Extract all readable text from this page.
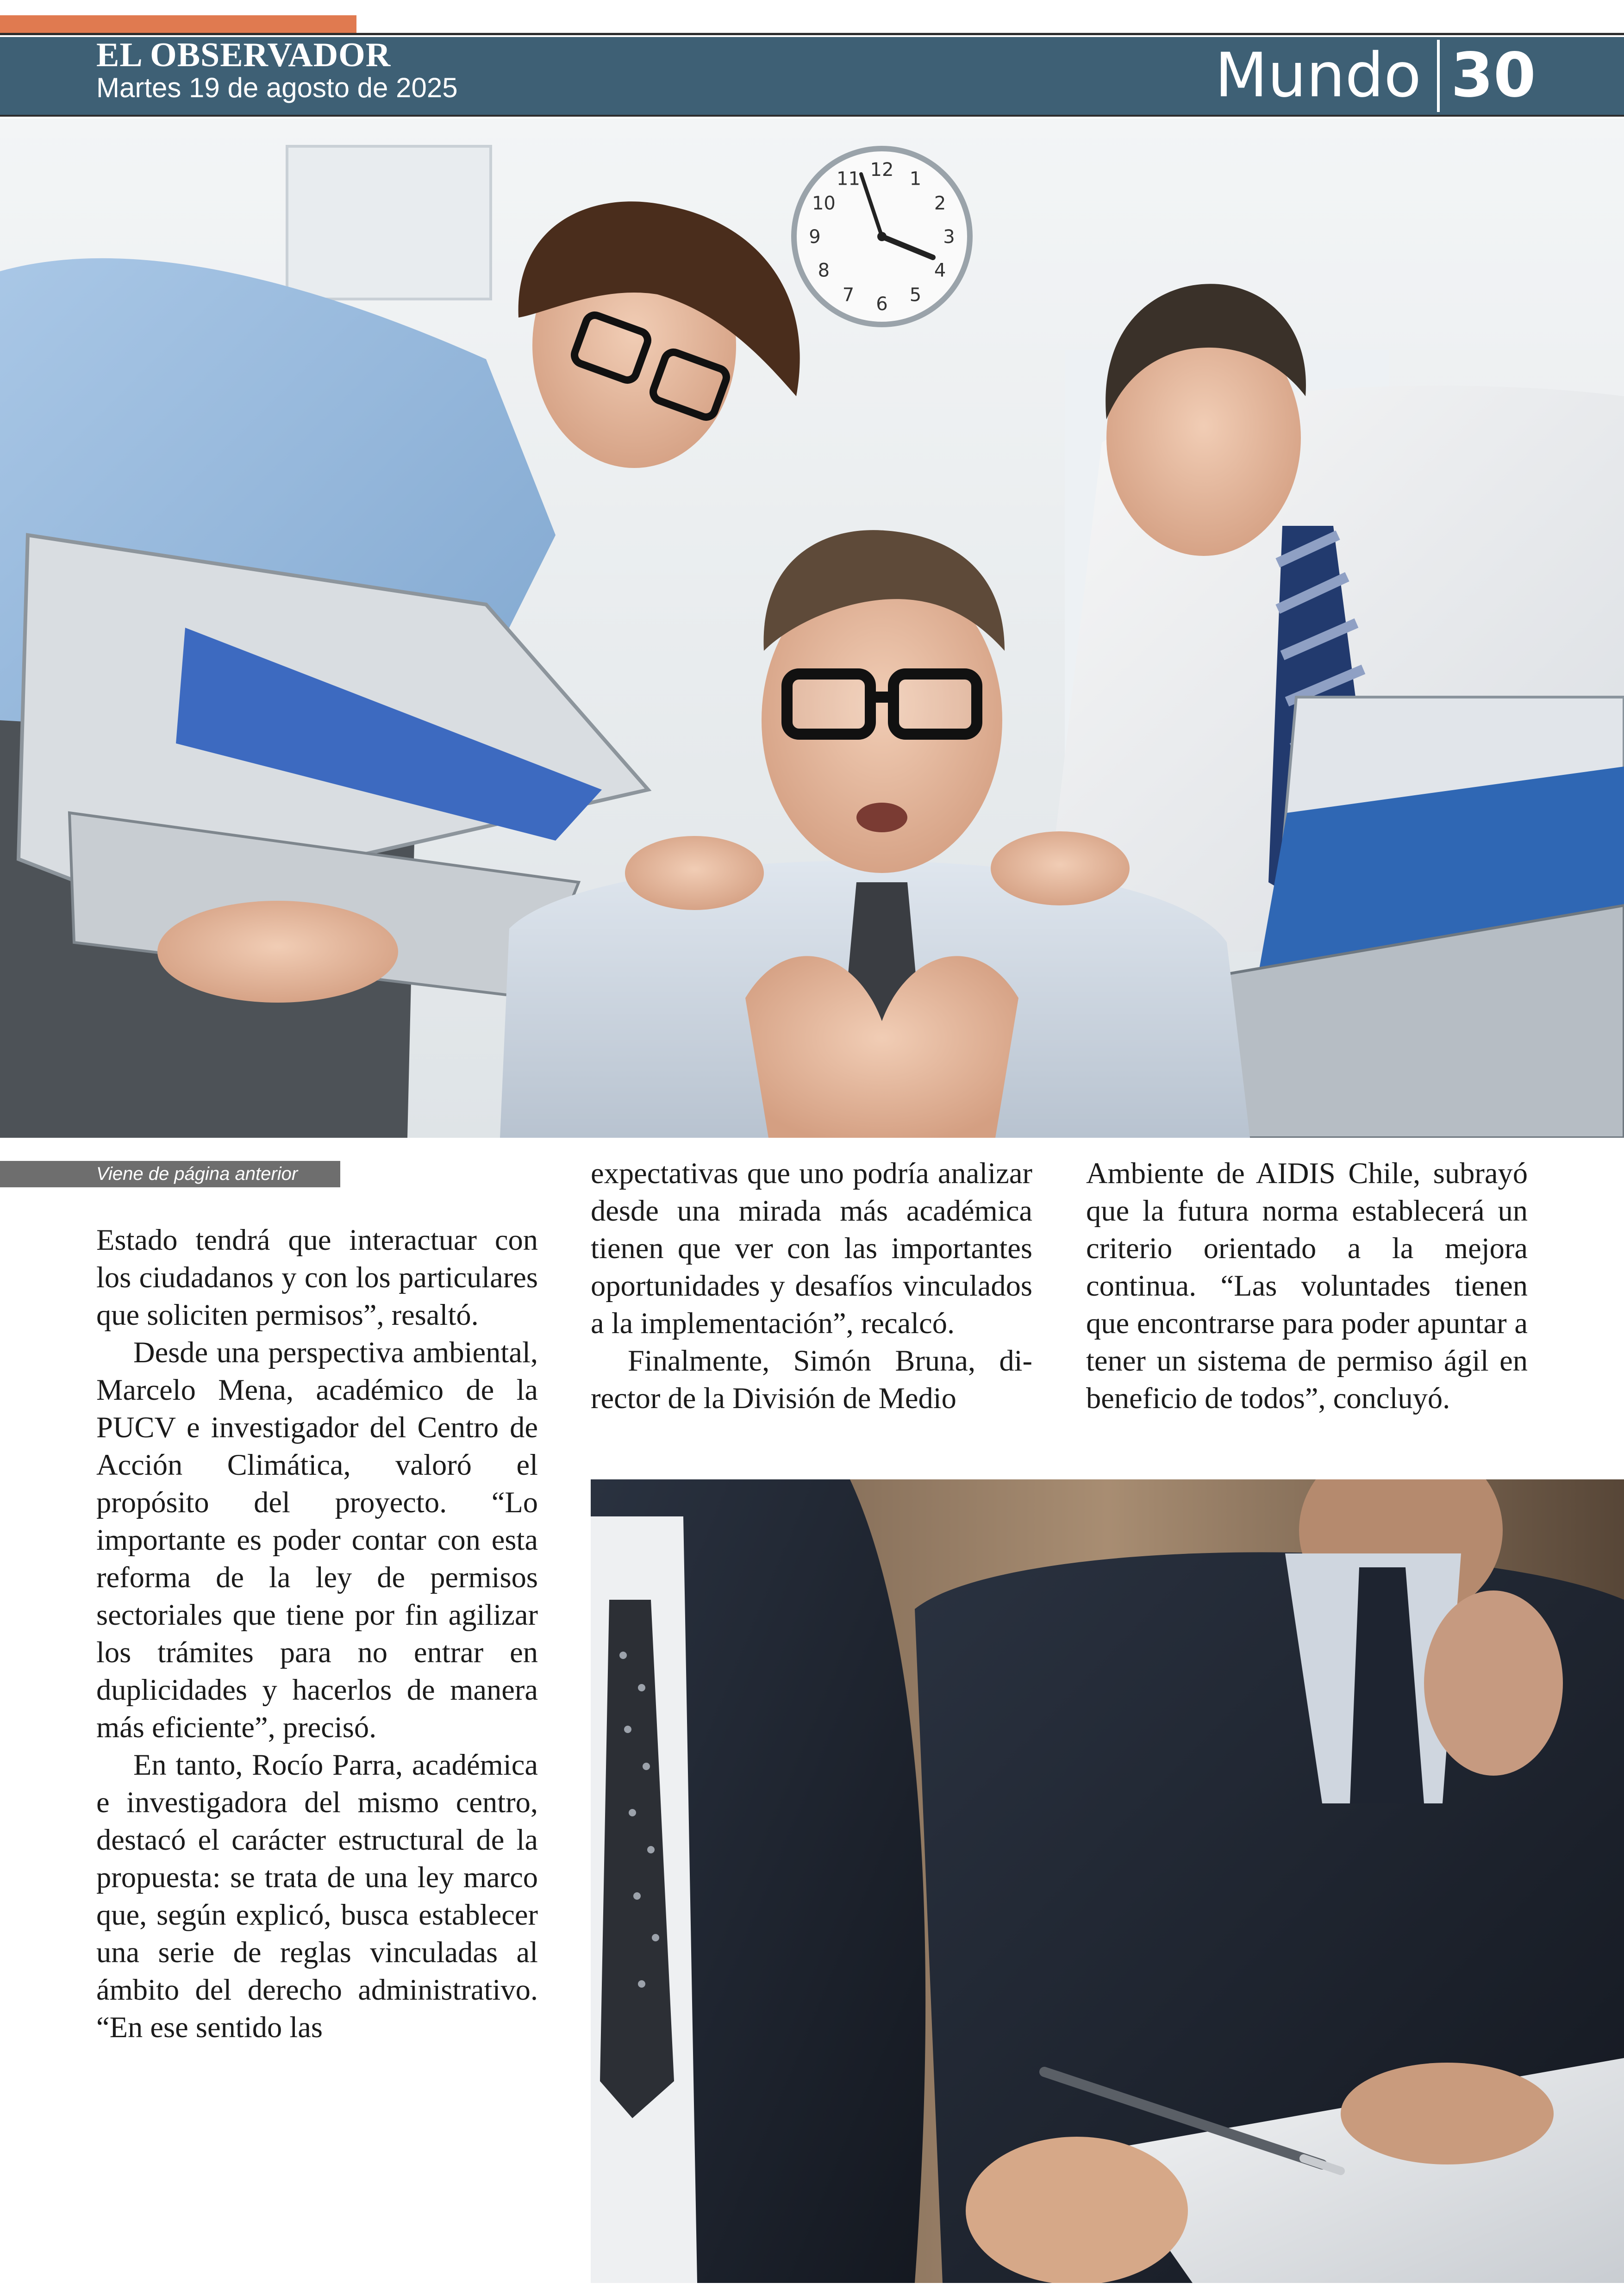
EL OBSERVADOR
Martes 19 de agosto de 2025	Mundo 30
12 1
2
3
4
5
6
7
8
9
10
11
Viene de página anterior

Estado tendrá que interactuar con los ciudadanos y con los particulares que soliciten permisos”, resaltó.

Desde una perspectiva ambiental, Marcelo Mena, académico de la PUCV e investigador del Centro de Acción Climática, valoró el propósito del proyecto. “Lo importante es poder contar con esta reforma de la ley de permisos sectoriales que tiene por fin agilizar los trámites para no entrar en duplicidades y hacerlos de manera más eficiente”, precisó.

En tanto, Rocío Parra, académica e investigadora del mismo centro, destacó el carácter estructural de la propuesta: se trata de una ley marco que, según explicó, busca establecer una serie de reglas vinculadas al ámbito del derecho administrativo. “En ese sentido las

expectativas que uno podría analizar desde una mirada más académica tienen que ver con las importantes oportunidades y desafíos vinculados a la implementación”, recalcó.

Finalmente, Simón Bruna, director de la División de Medio

Ambiente de AIDIS Chile, subrayó que la futura norma establecerá un criterio orientado a la mejora continua. “Las voluntades tienen que encontrarse para poder apuntar a tener un sistema de permiso ágil en beneficio de todos”, concluyó.
